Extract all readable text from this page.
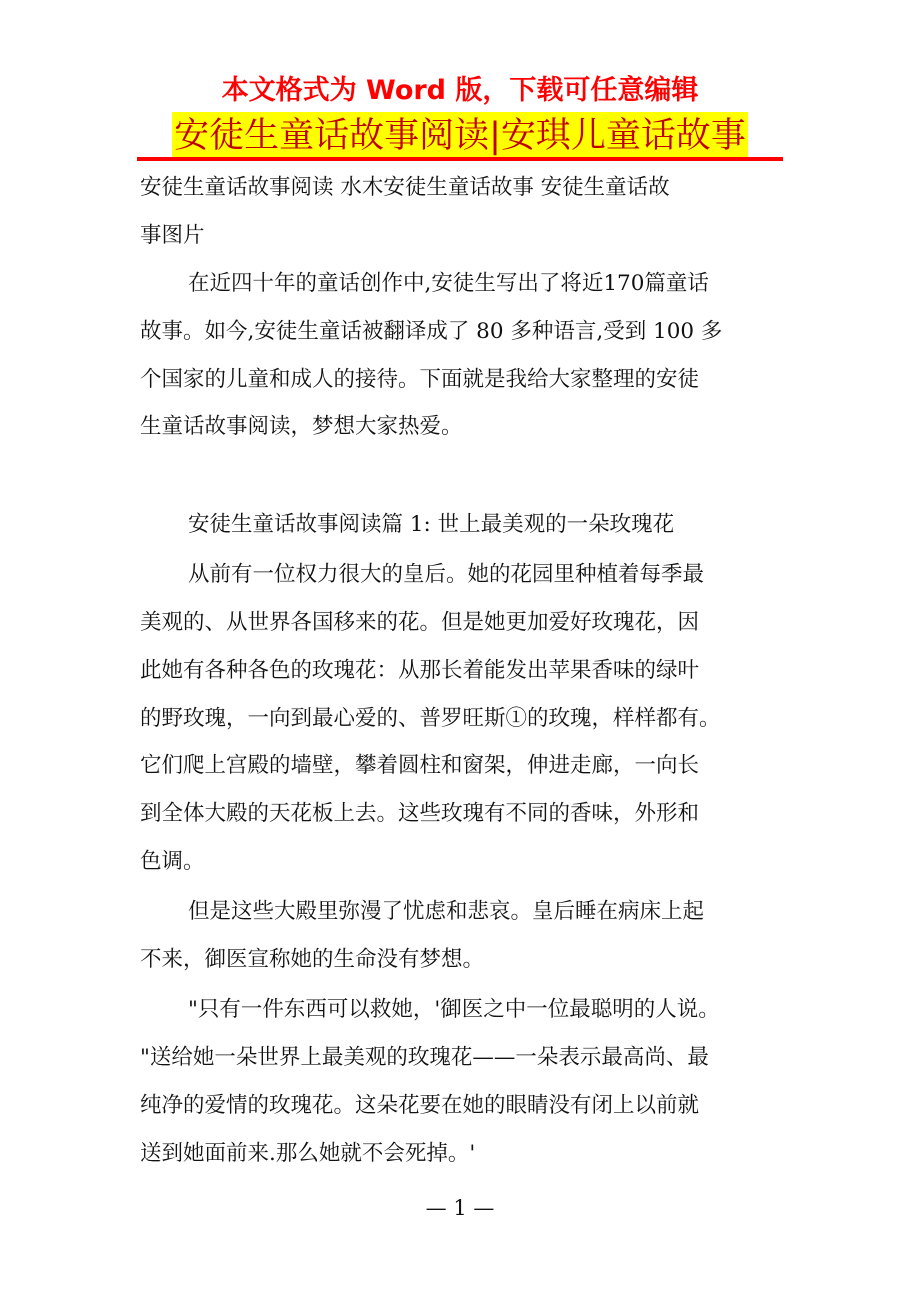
本文格式为 Word 版，下载可任意编辑
安徒生童话故事阅读|安琪儿童话故事
安徒生童话故事阅读 水木安徒生童话故事 安徒生童话故
事图片
在近四十年的童话创作中,安徒生写出了将近170篇童话
故事。如今,安徒生童话被翻译成了 80 多种语言,受到 100 多
个国家的儿童和成人的接待。下面就是我给大家整理的安徒
生童话故事阅读，梦想大家热爱。
安徒生童话故事阅读篇 1: 世上最美观的一朵玫瑰花
从前有一位权力很大的皇后。她的花园里种植着每季最
美观的、从世界各国移来的花。但是她更加爱好玫瑰花，因
此她有各种各色的玫瑰花：从那长着能发出苹果香味的绿叶
的野玫瑰，一向到最心爱的、普罗旺斯①的玫瑰，样样都有。
它们爬上宫殿的墙壁，攀着圆柱和窗架，伸进走廊，一向长
到全体大殿的天花板上去。这些玫瑰有不同的香味，外形和
色调。
但是这些大殿里弥漫了忧虑和悲哀。皇后睡在病床上起
不来，御医宣称她的生命没有梦想。
"只有一件东西可以救她，'御医之中一位最聪明的人说。
"送给她一朵世界上最美观的玫瑰花——一朵表示最高尚、最
纯净的爱情的玫瑰花。这朵花要在她的眼睛没有闭上以前就
送到她面前来.那么她就不会死掉。'
— 1 —
